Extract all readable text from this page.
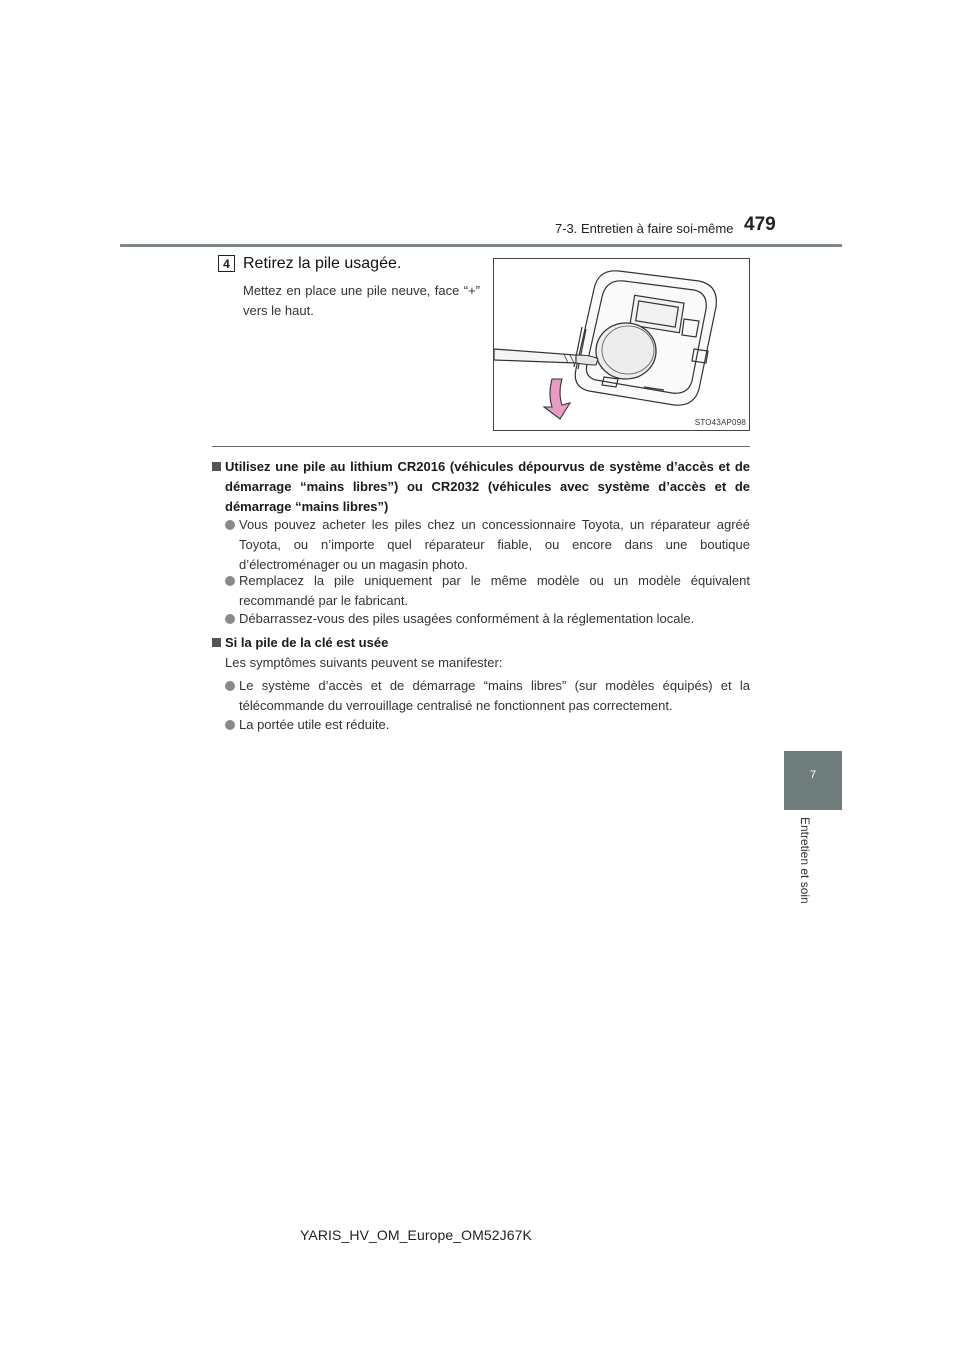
7-3. Entretien à faire soi-même 479
7
Entretien et soin
4 Retirez la pile usagée.
Mettez en place une pile neuve, face “+” vers le haut.
STO43AP098
Utilisez une pile au lithium CR2016 (véhicules dépourvus de système d’accès et de démarrage “mains libres”) ou CR2032 (véhicules avec système d’accès et de démarrage “mains libres”)
Vous pouvez acheter les piles chez un concessionnaire Toyota, un réparateur agréé Toyota, ou n’importe quel réparateur fiable, ou encore dans une boutique d’électroménager ou un magasin photo.
Remplacez la pile uniquement par le même modèle ou un modèle équivalent recommandé par le fabricant.
Débarrassez-vous des piles usagées conformément à la réglementation locale.
Si la pile de la clé est usée
Les symptômes suivants peuvent se manifester:
Le système d’accès et de démarrage “mains libres” (sur modèles équipés) et la télécommande du verrouillage centralisé ne fonctionnent pas correctement.
La portée utile est réduite.
YARIS_HV_OM_Europe_OM52J67K
